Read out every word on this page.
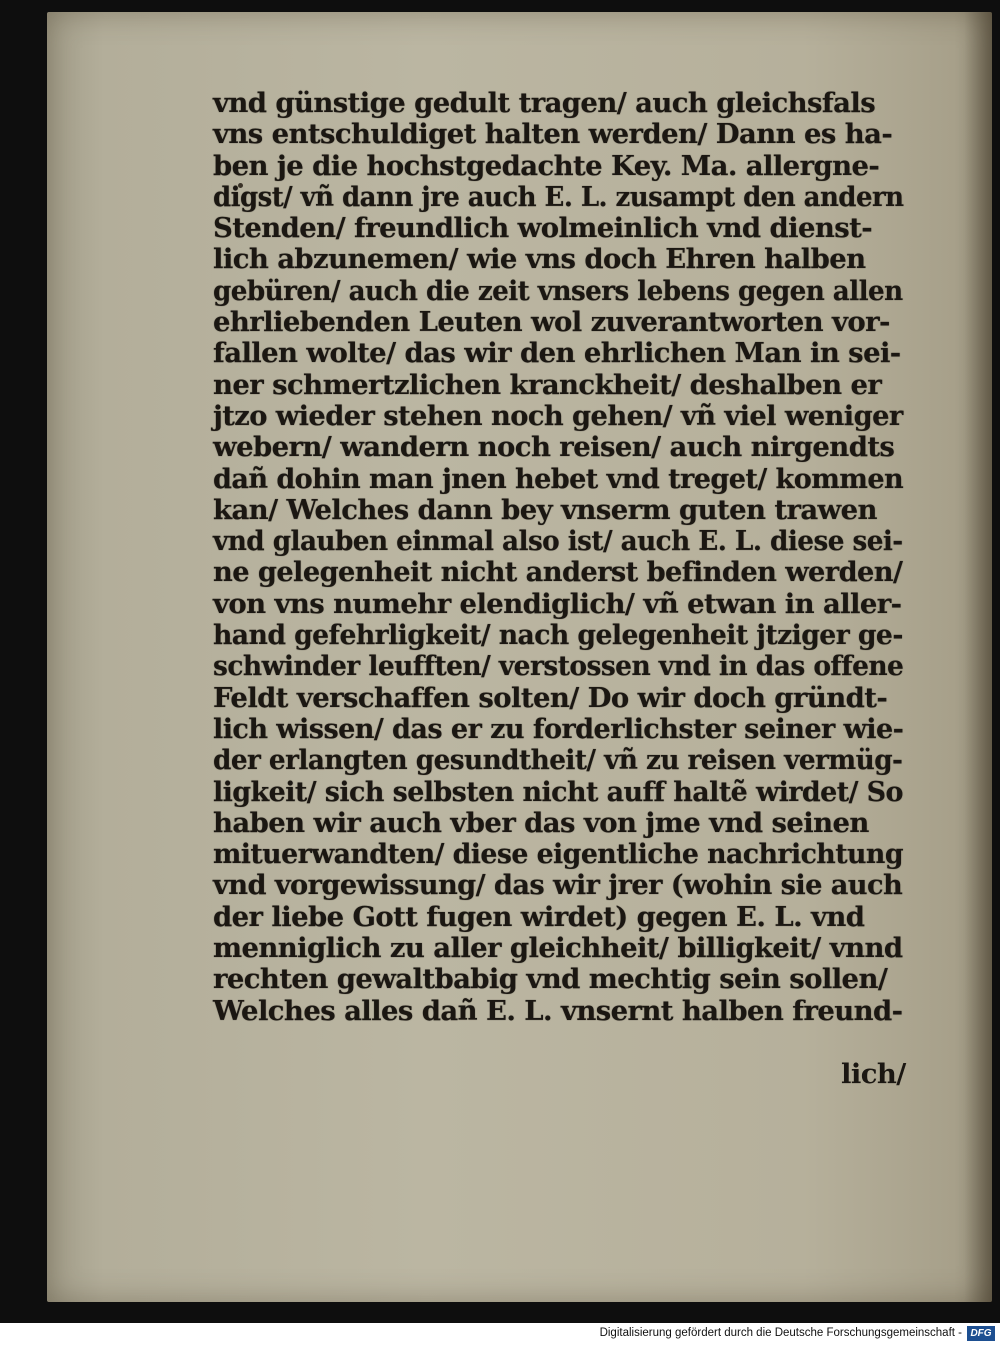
vnd günstige gedult tragen/ auch gleichsfals
vns entschuldiget halten werden/ Dann es ha-
ben je die hochstgedachte Key. Ma. allergne-
digst/ vñ dann jre auch E. L. zusampt den andern
Stenden/ freundlich wolmeinlich vnd dienst-
lich abzunemen/ wie vns doch Ehren halben
gebüren/ auch die zeit vnsers lebens gegen allen
ehrliebenden Leuten wol zuverantworten vor-
fallen wolte/ das wir den ehrlichen Man in sei-
ner schmertzlichen kranckheit/ deshalben er
jtzo wieder stehen noch gehen/ vñ viel weniger
webern/ wandern noch reisen/ auch nirgendts
dañ dohin man jnen hebet vnd treget/ kommen
kan/ Welches dann bey vnserm guten trawen
vnd glauben einmal also ist/ auch E. L. diese sei-
ne gelegenheit nicht anderst befinden werden/
von vns numehr elendiglich/ vñ etwan in aller-
hand gefehrligkeit/ nach gelegenheit jtziger ge-
schwinder leufften/ verstossen vnd in das offene
Feldt verschaffen solten/ Do wir doch gründt-
lich wissen/ das er zu forderlichster seiner wie-
der erlangten gesundtheit/ vñ zu reisen vermüg-
ligkeit/ sich selbsten nicht auff haltẽ wirdet/ So
haben wir auch vber das von jme vnd seinen
mituerwandten/ diese eigentliche nachrichtung
vnd vorgewissung/ das wir jrer (wohin sie auch
der liebe Gott fugen wirdet) gegen E. L. vnd
menniglich zu aller gleichheit/ billigkeit/ vnnd
rechten gewaltbabig vnd mechtig sein sollen/
Welches alles dañ E. L. vnsernt halben freund-
lich/
Digitalisierung gefördert durch die Deutsche Forschungsgemeinschaft - DFG
